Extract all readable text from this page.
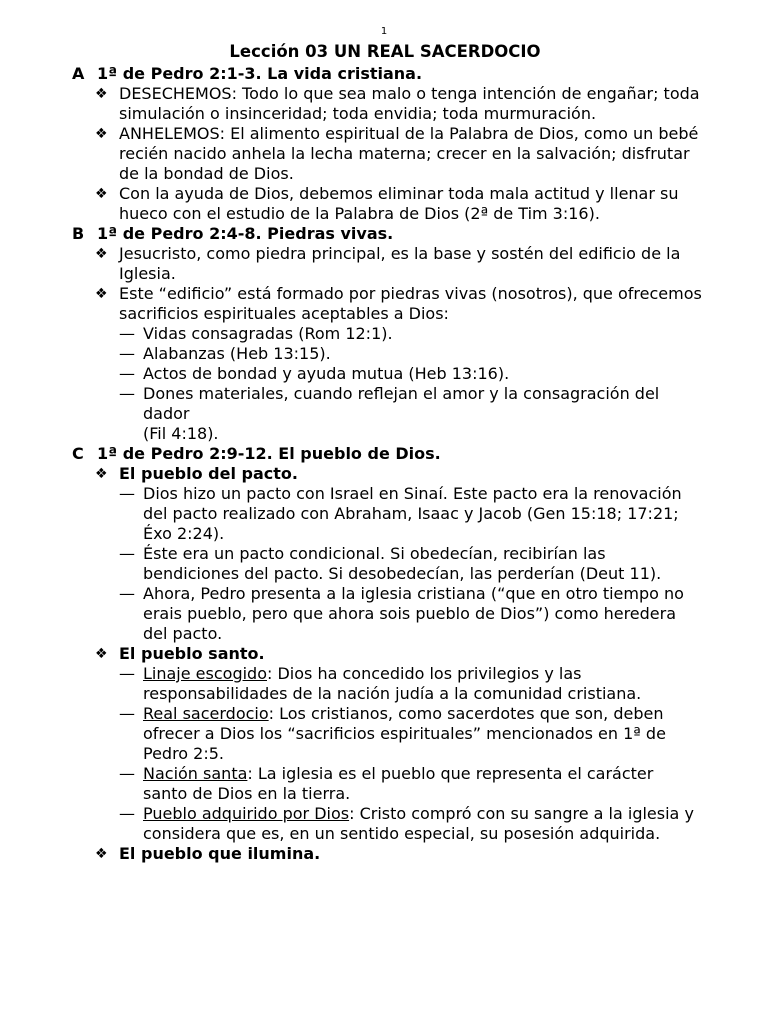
1
Lección 03 UN REAL SACERDOCIO
A 1ª de Pedro 2:1-3. La vida cristiana.
❖ DESECHEMOS: Todo lo que sea malo o tenga intención de engañar; toda simulación o insinceridad; toda envidia; toda murmuración.
❖ ANHELEMOS: El alimento espiritual de la Palabra de Dios, como un bebé recién nacido anhela la lecha materna; crecer en la salvación; disfrutar de la bondad de Dios.
❖ Con la ayuda de Dios, debemos eliminar toda mala actitud y llenar su hueco con el estudio de la Palabra de Dios (2ª de Tim 3:16).
B 1ª de Pedro 2:4-8. Piedras vivas.
❖ Jesucristo, como piedra principal, es la base y sostén del edificio de la Iglesia.
❖ Este “edificio” está formado por piedras vivas (nosotros), que ofrecemos sacrificios espirituales aceptables a Dios:
— Vidas consagradas (Rom 12:1).
— Alabanzas (Heb 13:15).
— Actos de bondad y ayuda mutua (Heb 13:16).
— Dones materiales, cuando reflejan el amor y la consagración del dador
(Fil 4:18).
C 1ª de Pedro 2:9-12. El pueblo de Dios.
❖ El pueblo del pacto.
— Dios hizo un pacto con Israel en Sinaí. Este pacto era la renovación del pacto realizado con Abraham, Isaac y Jacob (Gen 15:18; 17:21; Éxo 2:24).
— Éste era un pacto condicional. Si obedecían, recibirían las bendiciones del pacto. Si desobedecían, las perderían (Deut 11).
— Ahora, Pedro presenta a la iglesia cristiana (“que en otro tiempo no erais pueblo, pero que ahora sois pueblo de Dios”) como heredera del pacto.
❖ El pueblo santo.
— Linaje escogido: Dios ha concedido los privilegios y las responsabilidades de la nación judía a la comunidad cristiana.
— Real sacerdocio: Los cristianos, como sacerdotes que son, deben ofrecer a Dios los “sacrificios espirituales” mencionados en 1ª de Pedro 2:5.
— Nación santa: La iglesia es el pueblo que representa el carácter santo de Dios en la tierra.
— Pueblo adquirido por Dios: Cristo compró con su sangre a la iglesia y considera que es, en un sentido especial, su posesión adquirida.
❖ El pueblo que ilumina.
